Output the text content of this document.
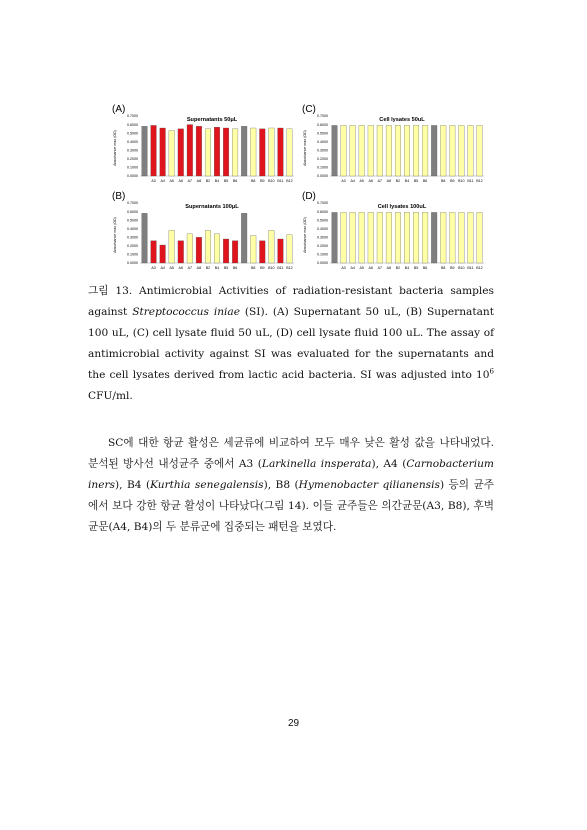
(A)
Supernatants 50μL
Absorbance max (OD)
0.7000
0.6000
0.5000
0.4000
0.3000
0.2000
0.1000
0.0000
A3 A4 A5 A6 A7 A8 B2 B4 B5 B6	B8 B9 B10 B11 B12
(C)
Cell lysates 50uL
Absorbance max (OD)
0.7000
0.6000
0.5000
0.4000
0.3000
0.2000
0.1000
0.0000
A3 A4 A5 A6 A7 A8 B2 B4 B5 B6	B8 B9 B10 B11 B12
(B)
Supernatants 100μL
Absorbance max (OD)
0.7000
0.6000
0.5000
0.4000
0.3000
0.2000
0.1000
0.0000
A3 A4 A5 A6 A7 A8 B2 B4 B5 B6	B8 B9 B10 B11 B12
(D)
Cell lysates 100uL
Absorbance max (OD)
0.7000
0.6000
0.5000
0.4000
0.3000
0.2000
0.1000
0.0000
A3 A4 A5 A6 A7 A8 B2 B4 B5 B6	B8 B9 B10 B11 B12
그림 13. Antimicrobial Activities of radiation-resistant bacteria samples against Streptococcus iniae (SI). (A) Supernatant 50 uL, (B) Supernatant 100 uL, (C) cell lysate fluid 50 uL, (D) cell lysate fluid 100 uL. The assay of antimicrobial activity against SI was evaluated for the supernatants and the cell lysates derived from lactic acid bacteria. SI was adjusted into $10^6$ CFU/ml.

SC에 대한 항균 활성은 세균류에 비교하여 모두 매우 낮은 활성 값을 나타내었다. 분석된 방사선 내성균주 중에서 A3 (Larkinella insperata), A4 (Carnobacterium iners), B4 (Kurthia senegalensis), B8 (Hymenobacter qilianensis) 등의 균주에서 보다 강한 항균 활성이 나타났다(그림 14). 이들 균주들은 의간균문(A3, B8), 후벽균문(A4, B4)의 두 분류군에 집중되는 패턴을 보였다.

29
